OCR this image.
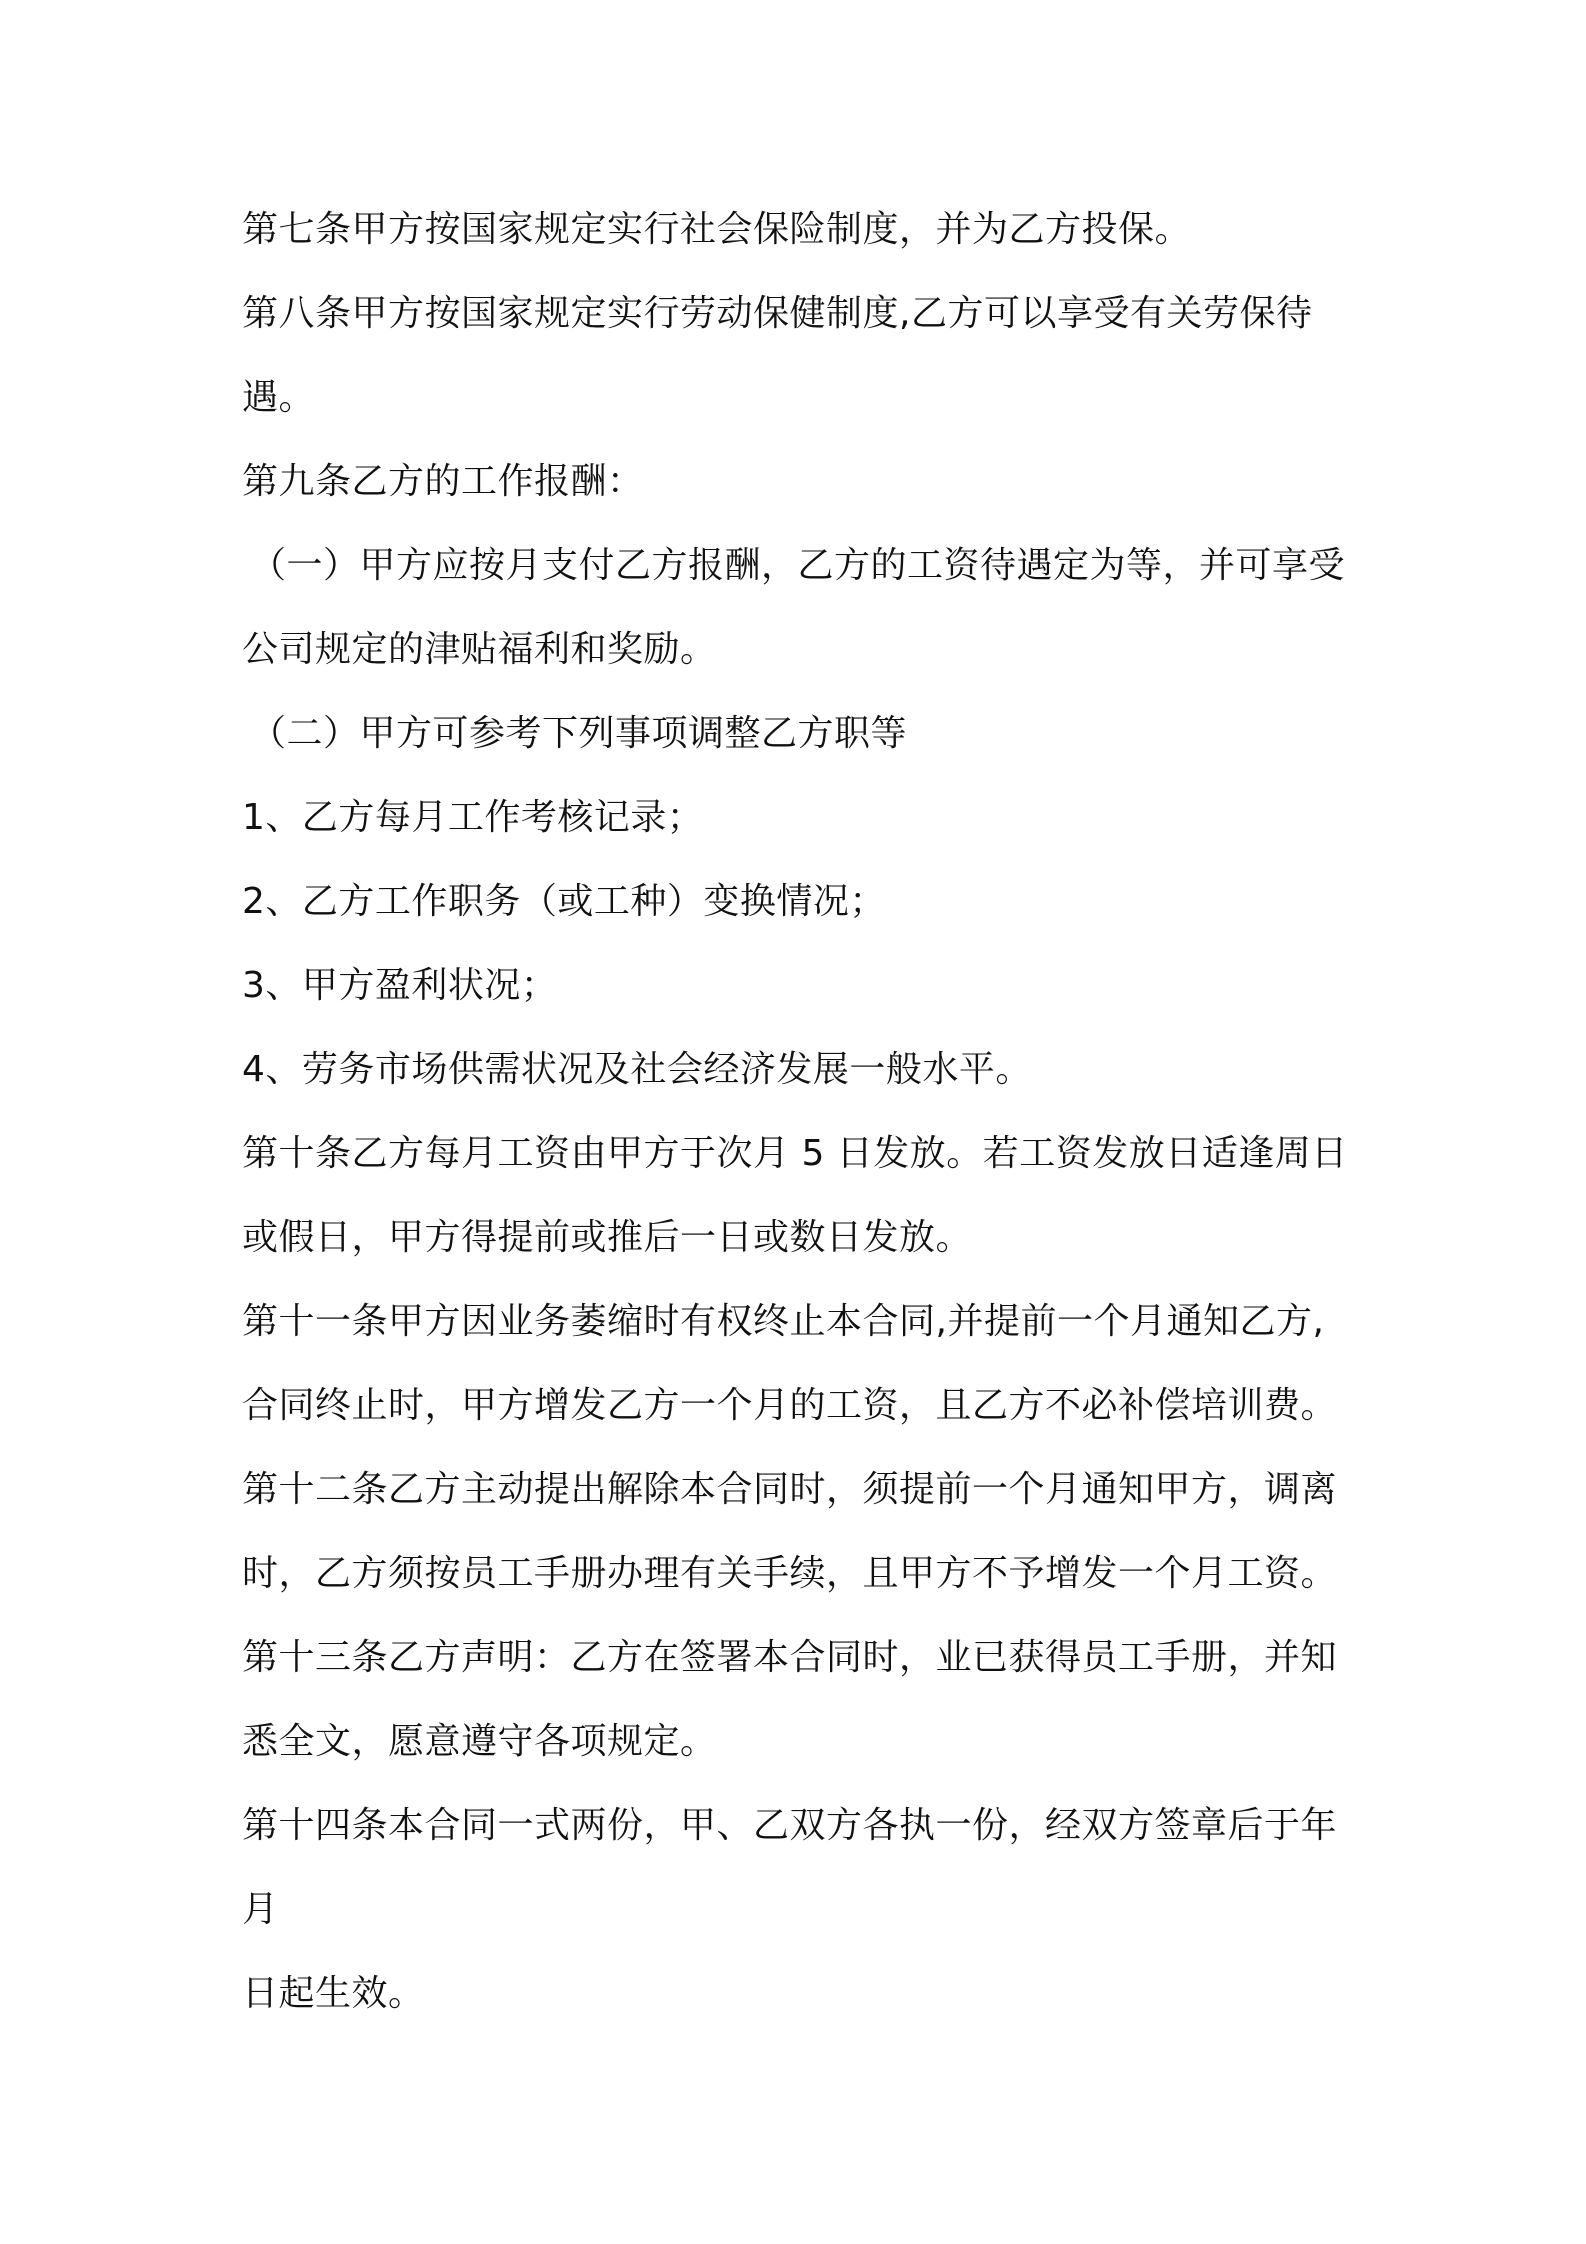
第七条甲方按国家规定实行社会保险制度，并为乙方投保。

第八条甲方按国家规定实行劳动保健制度,乙方可以享受有关劳保待

遇。

第九条乙方的工作报酬：

（一）甲方应按月支付乙方报酬，乙方的工资待遇定为等，并可享受

公司规定的津贴福利和奖励。

（二）甲方可参考下列事项调整乙方职等

1、乙方每月工作考核记录；

2、乙方工作职务（或工种）变换情况；

3、甲方盈利状况；

4、劳务市场供需状况及社会经济发展一般水平。

第十条乙方每月工资由甲方于次月 5 日发放。若工资发放日适逢周日

或假日，甲方得提前或推后一日或数日发放。

第十一条甲方因业务萎缩时有权终止本合同,并提前一个月通知乙方,

合同终止时，甲方增发乙方一个月的工资，且乙方不必补偿培训费。

第十二条乙方主动提出解除本合同时，须提前一个月通知甲方，调离

时，乙方须按员工手册办理有关手续，且甲方不予增发一个月工资。

第十三条乙方声明：乙方在签署本合同时，业已获得员工手册，并知

悉全文，愿意遵守各项规定。

第十四条本合同一式两份，甲、乙双方各执一份，经双方签章后于年

月

日起生效。
